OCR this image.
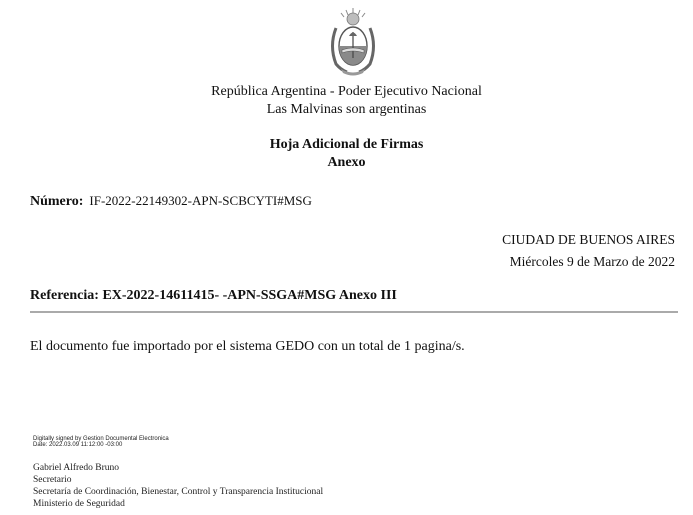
República Argentina - Poder Ejecutivo Nacional
Las Malvinas son argentinas
Hoja Adicional de Firmas
Anexo
Número: IF-2022-22149302-APN-SCBCYTI#MSG
CIUDAD DE BUENOS AIRES
Miércoles 9 de Marzo de 2022
Referencia: EX-2022-14611415- -APN-SSGA#MSG Anexo III
El documento fue importado por el sistema GEDO con un total de 1 pagina/s.
Digitally signed by Gestion Documental Electronica
Date: 2022.03.09 11:12:00 -03:00
Gabriel Alfredo Bruno
Secretario
Secretaría de Coordinación, Bienestar, Control y Transparencia Institucional
Ministerio de Seguridad
